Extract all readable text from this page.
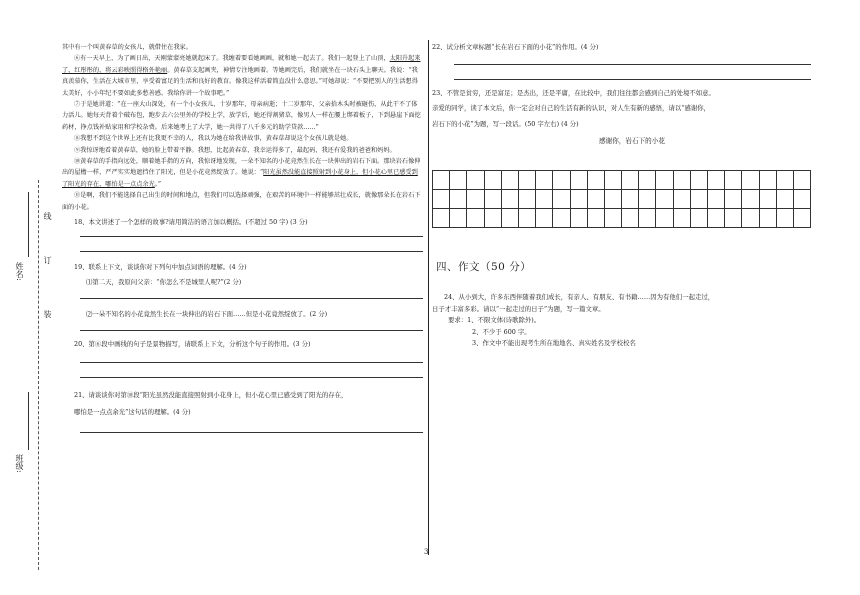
线
订
装
姓名:
班级:

其中有一个叫黄春草的女孩儿，就借住在我家。

⑥有一天早上，为了画日出，天刚蒙蒙亮她就起床了。我缠着要看她画画，就和她一起去了。我们一起登上了山顶，太阳升起来了，红彤彤的，将云彩映照得格外艳丽。黄春草支起画夹，神情专注地画着。等她画完后，我们就坐在一块石头上聊天。我说：“我真羡慕你，生活在大城市里，享受着富足的生活和良好的教育。像我这样活着简直没什么意思。”可她却说：“不要把别人的生活想得太美好，小小年纪不要如此多愁善感。我给你讲一个故事吧。”

⑦于是她讲道：“在一座大山深处，有一个小女孩儿，十岁那年，母亲病逝；十二岁那年，父亲拾木头时被砸伤，从此干不了体力活儿。她每天背着个破布包，跑步去六公里外的学校上学，放学后，她还得割猪草，像男人一样在腰上绑着板子，下到悬崖下面挖药材，挣点钱补贴家用和学校杂费。后来她考上了大学，她一共得了八千多元的助学贷款……”

⑧我想不到这个世界上还有比我更不幸的人，我以为她在给我讲故事，黄春草却说这个女孩儿就是她。

⑨我惊讶地看着黄春草，她的脸上带着平静。我想，比起黄春草，我幸运得多了，最起码，我还有爱我的爸爸和妈妈。

⑩黄春草的手指向远处，顺着她手指的方向，我惊讶地发现，一朵不知名的小花竟然生长在一块伸出的岩石下面。那块岩石像伸出的屋檐一样，严严实实地遮挡住了阳光，但是小花竟然绽放了。她说：“阳光虽然没能直接照射到小花身上，但小花心里已感受到了阳光的存在，哪怕是一点点余光。”

⑪是啊，我们不能选择自己出生的时间和地点，但我们可以选择顽强，在艰苦的环境中一样能够茁壮成长，就像那朵长在岩石下面的小花。

18、本文讲述了一个怎样的故事?请用简洁的语言加以概括。(不超过 50 字) (3 分)

19、联系上下文，谈谈你对下列句中加点词语的理解。(4 分)

⑴第二天，我原问父亲：“你怎么不是城里人呢?”(2 分)

⑵一朵不知名的小花竟然生长在一块伸出的岩石下面……但是小花竟然绽放了。(2 分)

20、第⑥段中画线的句子是景物描写，请联系上下文，分析这个句子的作用。(3 分)

21、请谈谈你对第⑩段“阳光虽然没能直接照射到小花身上，但小花心里已感受到了阳光的存在，

哪怕是一点点余光”这句话的理解。(4 分)

3

22、试分析文章标题“长在岩石下面的小花”的作用。(4 分)

23、不管是贫穷，还是富足；是杰出，还是平庸，在比较中，我们往往都会感到自己的处境不如意。

亲爱的同学，读了本文后，你一定会对自己的生活有新的认识，对人生有新的感悟，请以“感谢你，

岩石下的小花”为题，写一段话。(50 字左右) (4 分)

感谢你，岩石下的小花

四、作文（50 分）

24、从小到大，许多东西伴随着我们成长，有亲人、有朋友、有书籍……因为有他们一起走过，

日子才丰富多彩。请以“一起走过的日子”为题，写一篇文章。

要求：1、不限文体(诗歌除外)。

2、不少于 600 字。

3、作文中不能出现考生所在地地名、真实姓名及学校校名
